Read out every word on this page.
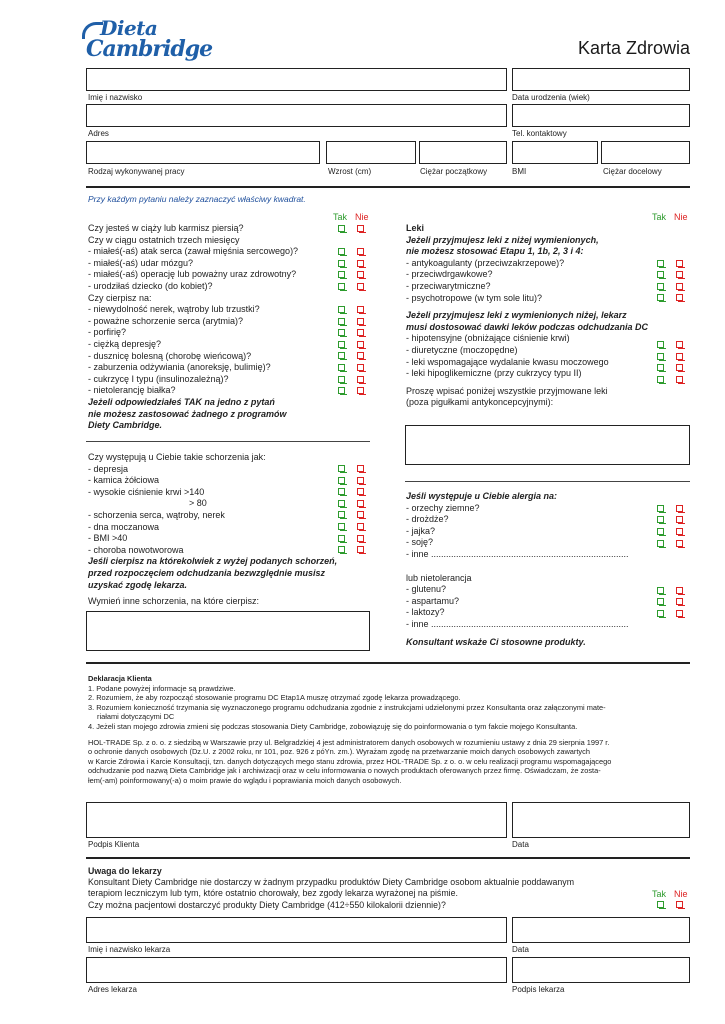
Dieta
Cambridge	Karta Zdrowia
Imię i nazwisko	Data urodzenia (wiek)
Adres	Tel. kontaktowy
Rodzaj wykonywanej pracy	Wzrost (cm)	Ciężar początkowy	BMI	Ciężar docelowy
Przy każdym pytaniu należy zaznaczyć właściwy kwadrat.
Tak Nie	Tak Nie
Czy jesteś w ciąży lub karmisz piersią?
Czy w ciągu ostatnich trzech miesięcy
- miałeś(-aś) atak serca (zawał mięśnia sercowego)?
- miałeś(-aś) udar mózgu?
- miałeś(-aś) operację lub poważny uraz zdrowotny?
- urodziłaś dziecko (do kobiet)?
Czy cierpisz na:
- niewydolność nerek, wątroby lub trzustki?
- poważne schorzenie serca (arytmia)?
- porfirię?
- ciężką depresję?
- dusznicę bolesną (chorobę wieńcową)?
- zaburzenia odżywiania (anoreksję, bulimię)?
- cukrzycę I typu (insulinozależną)?
- nietolerancję białka?
Jeżeli odpowiedziałeś TAK na jedno z pytań
nie możesz zastosować żadnego z programów
Diety Cambridge.
Czy występują u Ciebie takie schorzenia jak:
- depresja
- kamica żółciowa
- wysokie ciśnienie krwi >140
> 80
- schorzenia serca, wątroby, nerek
- dna moczanowa
- BMI >40
- choroba nowotworowa
Jeśli cierpisz na którekolwiek z wyżej podanych schorzeń,
przed rozpoczęciem odchudzania bezwzględnie musisz
uzyskać zgodę lekarza.
Wymień inne schorzenia, na które cierpisz:
Leki
Jeżeli przyjmujesz leki z niżej wymienionych,
nie możesz stosować Etapu 1, 1b, 2, 3 i 4:
- antykoagulanty (przeciwzakrzepowe)?
- przeciwdrgawkowe?
- przeciwarytmiczne?
- psychotropowe (w tym sole litu)?
Jeżeli przyjmujesz leki z wymienionych niżej, lekarz
musi dostosować dawki leków podczas odchudzania DC
- hipotensyjne (obniżające ciśnienie krwi)
- diuretyczne (moczopędne)
- leki wspomagające wydalanie kwasu moczowego
- leki hipoglikemiczne (przy cukrzycy typu II)
Proszę wpisać poniżej wszystkie przyjmowane leki
(poza pigułkami antykoncepcyjnymi):
Jeśli występuje u Ciebie alergia na:
- orzechy ziemne?
- drożdże?
- jajka?
- soję?
- inne ...............................................................................
lub nietolerancja
- glutenu?
- aspartamu?
- laktozy?
- inne ...............................................................................
Konsultant wskaże Ci stosowne produkty.
Deklaracja Klienta
1. Podane powyżej informacje są prawdziwe.
2. Rozumiem, że aby rozpocząć stosowanie programu DC Etap1A muszę otrzymać zgodę lekarza prowadzącego.
3. Rozumiem konieczność trzymania się wyznaczonego programu odchudzania zgodnie z instrukcjami udzielonymi przez Konsultanta oraz załączonymi mate-
riałami dotyczącymi DC
4. Jeżeli stan mojego zdrowia zmieni się podczas stosowania Diety Cambridge, zobowiązuję się do poinformowania o tym fakcie mojego Konsultanta.
HOL-TRADE Sp. z o. o. z siedzibą w Warszawie przy ul. Belgradzkiej 4 jest administratorem danych osobowych w rozumieniu ustawy z dnia 29 sierpnia 1997 r.
o ochronie danych osobowych (Dz.U. z 2002 roku, nr 101, poz. 926 z póYn. zm.). Wyrażam zgodę na przetwarzanie moich danych osobowych zawartych
w Karcie Zdrowia i Karcie Konsultacji, tzn. danych dotyczących mego stanu zdrowia, przez HOL-TRADE Sp. z o. o. w celu realizacji programu wspomagającego
odchudzanie pod nazwą Dieta Cambridge jak i archiwizacji oraz w celu informowania o nowych produktach oferowanych przez firmę. Oświadczam, że zosta-
łem(-am) poinformowany(-a) o moim prawie do wglądu i poprawiania moich danych osobowych.
Podpis Klienta	Data
Uwaga do lekarzy
Konsultant Diety Cambridge nie dostarczy w żadnym przypadku produktów Diety Cambridge osobom aktualnie poddawanym
terapiom leczniczym lub tym, które ostatnio chorowały, bez zgody lekarza wyrażonej na piśmie.
Czy można pacjentowi dostarczyć produkty Diety Cambridge (412÷550 kilokalorii dziennie)?
Tak Nie
Imię i nazwisko lekarza	Data
Adres lekarza	Podpis lekarza
